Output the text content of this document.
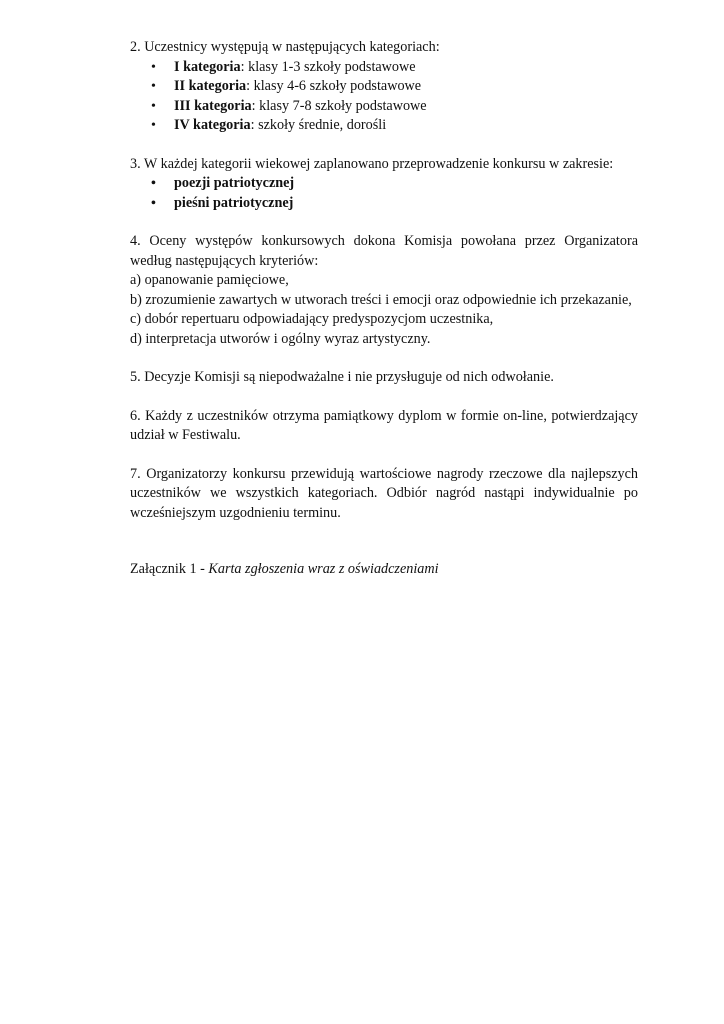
2. Uczestnicy występują w następujących kategoriach:

• I kategoria: klasy 1-3 szkoły podstawowe
• II kategoria: klasy 4-6 szkoły podstawowe
• III kategoria: klasy 7-8 szkoły podstawowe
• IV kategoria: szkoły średnie, dorośli

3. W każdej kategorii wiekowej zaplanowano przeprowadzenie konkursu w zakresie:

• poezji patriotycznej
• pieśni patriotycznej

4. Oceny występów konkursowych dokona Komisja powołana przez Organizatora według następujących kryteriów:

a) opanowanie pamięciowe,

b) zrozumienie zawartych w utworach treści i emocji oraz odpowiednie ich przekazanie,

c) dobór repertuaru odpowiadający predyspozycjom uczestnika,

d) interpretacja utworów i ogólny wyraz artystyczny.

5. Decyzje Komisji są niepodważalne i nie przysługuje od nich odwołanie.

6. Każdy z uczestników otrzyma pamiątkowy dyplom w formie on-line, potwierdzający udział w Festiwalu.

7. Organizatorzy konkursu przewidują wartościowe nagrody rzeczowe dla najlepszych uczestników we wszystkich kategoriach. Odbiór nagród nastąpi indywidualnie po wcześniejszym uzgodnieniu terminu.

Załącznik 1 - Karta zgłoszenia wraz z oświadczeniami
